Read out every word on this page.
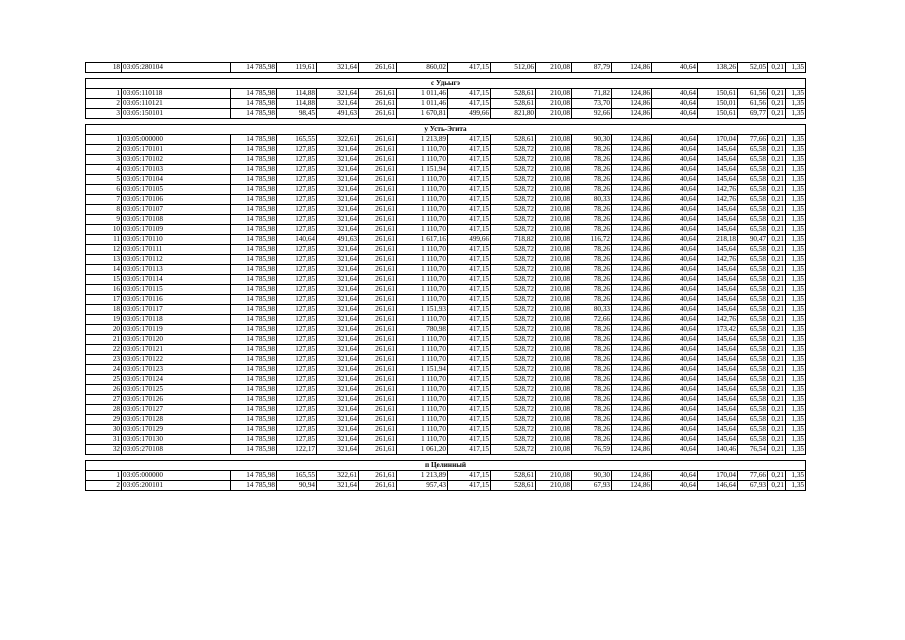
18	03:05:280104	14 785,98	119,61	321,64	261,61	860,02	417,15	512,06	210,08	87,79	124,86	40,64	138,26	52,05	0,21	1,35

с Удьыгэ																
1	03:05:110118	14 785,98	114,88	321,64	261,61	1 011,46	417,15	528,61	210,08	71,82	124,86	40,64	150,61	61,56	0,21	1,35
2	03:05:110121	14 785,98	114,88	321,64	261,61	1 011,46	417,15	528,61	210,08	73,70	124,86	40,64	150,01	61,56	0,21	1,35
3	03:05:150101	14 785,98	98,45	491,63	261,61	1 670,81	499,66	821,80	210,08	92,66	124,86	40,64	150,61	69,77	0,21	1,35

у Усть-Эгита																
1	03:05:000000	14 785,98	165,55	322,61	261,61	1 213,89	417,15	528,61	210,08	90,30	124,86	40,64	170,04	77,66	0,21	1,35
2	03:05:170101	14 785,98	127,85	321,64	261,61	1 110,70	417,15	528,72	210,08	78,26	124,86	40,64	145,64	65,58	0,21	1,35
3	03:05:170102	14 785,98	127,85	321,64	261,61	1 110,70	417,15	528,72	210,08	78,26	124,86	40,64	145,64	65,58	0,21	1,35
4	03:05:170103	14 785,98	127,85	321,64	261,61	1 151,94	417,15	528,72	210,08	78,26	124,86	40,64	145,64	65,58	0,21	1,35
5	03:05:170104	14 785,98	127,85	321,64	261,61	1 110,70	417,15	528,72	210,08	78,26	124,86	40,64	145,64	65,58	0,21	1,35
6	03:05:170105	14 785,98	127,85	321,64	261,61	1 110,70	417,15	528,72	210,08	78,26	124,86	40,64	142,76	65,58	0,21	1,35
7	03:05:170106	14 785,98	127,85	321,64	261,61	1 110,70	417,15	528,72	210,08	80,33	124,86	40,64	142,76	65,58	0,21	1,35
8	03:05:170107	14 785,98	127,85	321,64	261,61	1 110,70	417,15	528,72	210,08	78,26	124,86	40,64	145,64	65,58	0,21	1,35
9	03:05:170108	14 785,98	127,85	321,64	261,61	1 110,70	417,15	528,72	210,08	78,26	124,86	40,64	145,64	65,58	0,21	1,35
10	03:05:170109	14 785,98	127,85	321,64	261,61	1 110,70	417,15	528,72	210,08	78,26	124,86	40,64	145,64	65,58	0,21	1,35
11	03:05:170110	14 785,98	140,64	491,63	261,61	1 617,16	499,66	718,82	210,08	116,72	124,86	40,64	218,18	90,47	0,21	1,35
12	03:05:170111	14 785,98	127,85	321,64	261,61	1 110,70	417,15	528,72	210,08	78,26	124,86	40,64	145,64	65,58	0,21	1,35
13	03:05:170112	14 785,98	127,85	321,64	261,61	1 110,70	417,15	528,72	210,08	78,26	124,86	40,64	142,76	65,58	0,21	1,35
14	03:05:170113	14 785,98	127,85	321,64	261,61	1 110,70	417,15	528,72	210,08	78,26	124,86	40,64	145,64	65,58	0,21	1,35
15	03:05:170114	14 785,98	127,85	321,64	261,61	1 110,70	417,15	528,72	210,08	78,26	124,86	40,64	145,64	65,58	0,21	1,35
16	03:05:170115	14 785,98	127,85	321,64	261,61	1 110,70	417,15	528,72	210,08	78,26	124,86	40,64	145,64	65,58	0,21	1,35
17	03:05:170116	14 785,98	127,85	321,64	261,61	1 110,70	417,15	528,72	210,08	78,26	124,86	40,64	145,64	65,58	0,21	1,35
18	03:05:170117	14 785,98	127,85	321,64	261,61	1 151,93	417,15	528,72	210,08	80,33	124,86	40,64	145,64	65,58	0,21	1,35
19	03:05:170118	14 785,98	127,85	321,64	261,61	1 110,70	417,15	528,72	210,08	72,66	124,86	40,64	142,76	65,58	0,21	1,35
20	03:05:170119	14 785,98	127,85	321,64	261,61	780,98	417,15	528,72	210,08	78,26	124,86	40,64	173,42	65,58	0,21	1,35
21	03:05:170120	14 785,98	127,85	321,64	261,61	1 110,70	417,15	528,72	210,08	78,26	124,86	40,64	145,64	65,58	0,21	1,35
22	03:05:170121	14 785,98	127,85	321,64	261,61	1 110,70	417,15	528,72	210,08	78,26	124,86	40,64	145,64	65,58	0,21	1,35
23	03:05:170122	14 785,98	127,85	321,64	261,61	1 110,70	417,15	528,72	210,08	78,26	124,86	40,64	145,64	65,58	0,21	1,35
24	03:05:170123	14 785,98	127,85	321,64	261,61	1 151,94	417,15	528,72	210,08	78,26	124,86	40,64	145,64	65,58	0,21	1,35
25	03:05:170124	14 785,98	127,85	321,64	261,61	1 110,70	417,15	528,72	210,08	78,26	124,86	40,64	145,64	65,58	0,21	1,35
26	03:05:170125	14 785,98	127,85	321,64	261,61	1 110,70	417,15	528,72	210,08	78,26	124,86	40,64	145,64	65,58	0,21	1,35
27	03:05:170126	14 785,98	127,85	321,64	261,61	1 110,70	417,15	528,72	210,08	78,26	124,86	40,64	145,64	65,58	0,21	1,35
28	03:05:170127	14 785,98	127,85	321,64	261,61	1 110,70	417,15	528,72	210,08	78,26	124,86	40,64	145,64	65,58	0,21	1,35
29	03:05:170128	14 785,98	127,85	321,64	261,61	1 110,70	417,15	528,72	210,08	78,26	124,86	40,64	145,64	65,58	0,21	1,35
30	03:05:170129	14 785,98	127,85	321,64	261,61	1 110,70	417,15	528,72	210,08	78,26	124,86	40,64	145,64	65,58	0,21	1,35
31	03:05:170130	14 785,98	127,85	321,64	261,61	1 110,70	417,15	528,72	210,08	78,26	124,86	40,64	145,64	65,58	0,21	1,35
32	03:05:270108	14 785,98	122,17	321,64	261,61	1 061,20	417,15	528,72	210,08	76,59	124,86	40,64	140,46	76,54	0,21	1,35

п Целинный																
1	03:05:000000	14 785,98	165,55	322,61	261,61	1 213,89	417,15	528,61	210,08	90,30	124,86	40,64	170,04	77,66	0,21	1,35
2	03:05:200101	14 785,98	90,94	321,64	261,61	957,43	417,15	528,61	210,08	67,93	124,86	40,64	146,64	67,93	0,21	1,35
